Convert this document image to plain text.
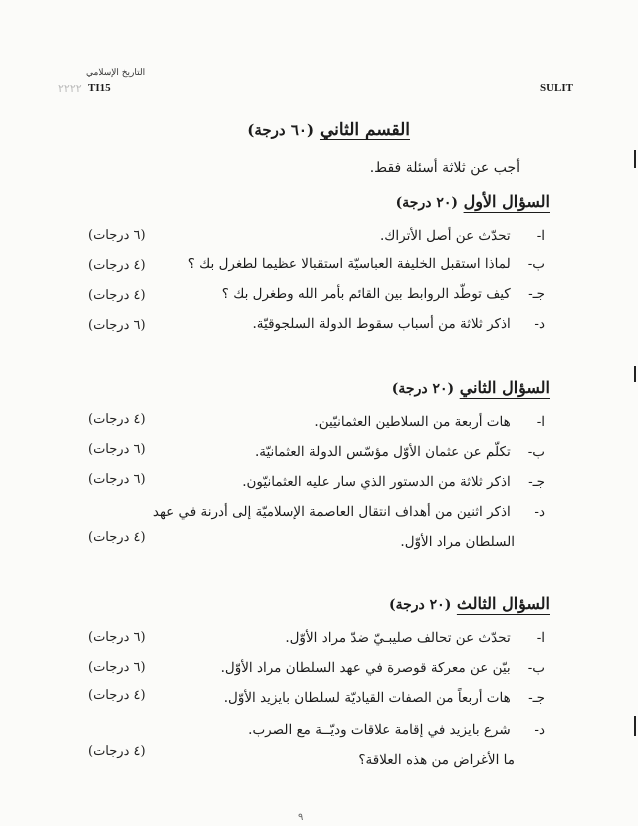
التاريخ الإسلامي
٢٢٢٢ TI15	SULIT
القسم الثاني (٦٠ درجة)
أجب عن ثلاثة أسئلة فقط.
السؤال الأول (٢٠ درجة)
ا- تحدّث عن أصل الأتراك.
(٦ درجات)
ب- لماذا استقبل الخليفة العباسيّة استقبالا عظيما لطغرل بك ؟
(٤ درجات)
جـ- كيف توطّد الروابط بين القائم بأمر الله وطغرل بك ؟
(٤ درجات)
د- اذكر ثلاثة من أسباب سقوط الدولة السلجوقيّة.
(٦ درجات)
السؤال الثاني (٢٠ درجة)
ا- هات أربعة من السلاطين العثمانيّين.
(٤ درجات)
ب- تكلّم عن عثمان الأوّل مؤسّس الدولة العثمانيّة.
(٦ درجات)
جـ- اذكر ثلاثة من الدستور الذي سار عليه العثمانيّون.
(٦ درجات)
د- اذكر اثنين من أهداف انتقال العاصمة الإسلاميّة إلى أدرنة في عهد
السلطان مراد الأوّل.
(٤ درجات)
السؤال الثالث (٢٠ درجة)
ا- تحدّث عن تحالف صليبـيّ ضدّ مراد الأوّل.
(٦ درجات)
ب- بيّن عن معركة قوصرة في عهد السلطان مراد الأوّل.
(٦ درجات)
جـ- هات أربعاً من الصفات القياديّة لسلطان بايزيد الأوّل.
(٤ درجات)
د- شرع بايزيد في إقامة علاقات وديّــة مع الصرب.
ما الأغراض من هذه العلاقة؟
(٤ درجات)
٩
